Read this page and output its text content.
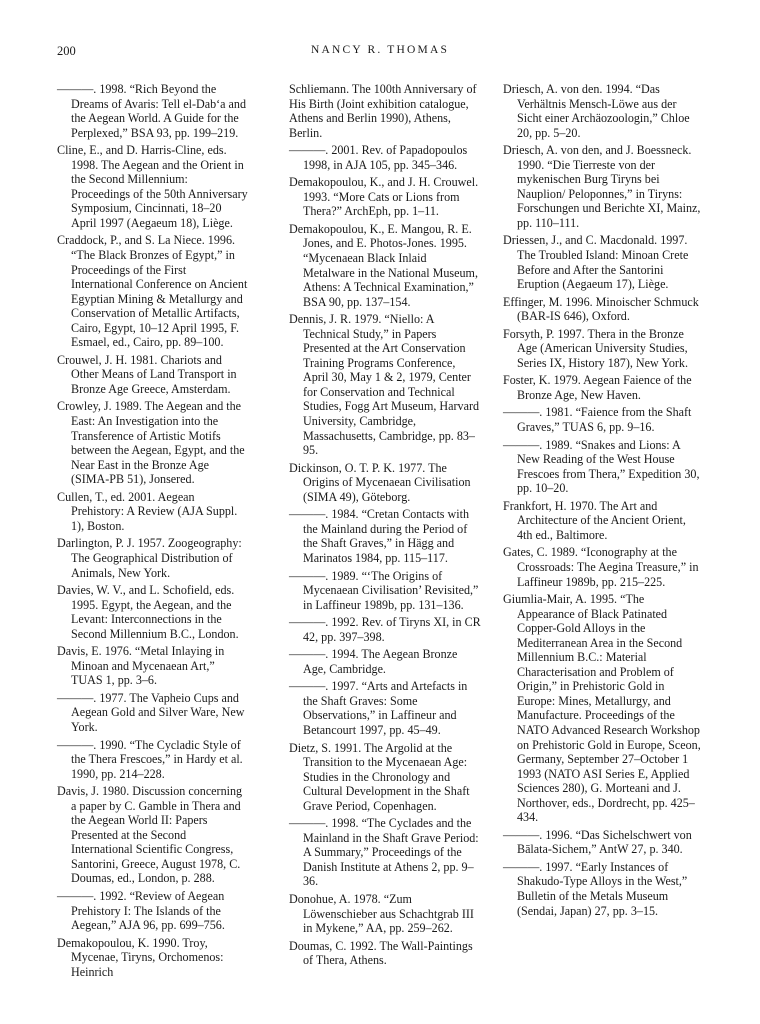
200	NANCY R. THOMAS

———. 1998. “Rich Beyond the Dreams of Avaris: Tell el-Dab‘a and the Aegean World. A Guide for the Perplexed,” BSA 93, pp. 199–219.

Cline, E., and D. Harris-Cline, eds. 1998. The Aegean and the Orient in the Second Millennium: Proceedings of the 50th Anniversary Symposium, Cincinnati, 18–20 April 1997 (Aegaeum 18), Liège.

Craddock, P., and S. La Niece. 1996. “The Black Bronzes of Egypt,” in Proceedings of the First International Conference on Ancient Egyptian Mining & Metallurgy and Conservation of Metallic Artifacts, Cairo, Egypt, 10–12 April 1995, F. Esmael, ed., Cairo, pp. 89–100.

Crouwel, J. H. 1981. Chariots and Other Means of Land Transport in Bronze Age Greece, Amsterdam.

Crowley, J. 1989. The Aegean and the East: An Investigation into the Transference of Artistic Motifs between the Aegean, Egypt, and the Near East in the Bronze Age (SIMA-PB 51), Jonsered.

Cullen, T., ed. 2001. Aegean Prehistory: A Review (AJA Suppl. 1), Boston.

Darlington, P. J. 1957. Zoogeography: The Geographical Distribution of Animals, New York.

Davies, W. V., and L. Schofield, eds. 1995. Egypt, the Aegean, and the Levant: Interconnections in the Second Millennium B.C., London.

Davis, E. 1976. “Metal Inlaying in Minoan and Mycenaean Art,” TUAS 1, pp. 3–6.

———. 1977. The Vapheio Cups and Aegean Gold and Silver Ware, New York.

———. 1990. “The Cycladic Style of the Thera Frescoes,” in Hardy et al. 1990, pp. 214–228.

Davis, J. 1980. Discussion concerning a paper by C. Gamble in Thera and the Aegean World II: Papers Presented at the Second International Scientific Congress, Santorini, Greece, August 1978, C. Doumas, ed., London, p. 288.

———. 1992. “Review of Aegean Prehistory I: The Islands of the Aegean,” AJA 96, pp. 699–756.

Demakopoulou, K. 1990. Troy, Mycenae, Tiryns, Orchomenos: Heinrich

Schliemann. The 100th Anniversary of His Birth (Joint exhibition catalogue, Athens and Berlin 1990), Athens, Berlin.

———. 2001. Rev. of Papadopoulos 1998, in AJA 105, pp. 345–346.

Demakopoulou, K., and J. H. Crouwel. 1993. “More Cats or Lions from Thera?” ArchEph, pp. 1–11.

Demakopoulou, K., E. Mangou, R. E. Jones, and E. Photos-Jones. 1995. “Mycenaean Black Inlaid Metalware in the National Museum, Athens: A Technical Examination,” BSA 90, pp. 137–154.

Dennis, J. R. 1979. “Niello: A Technical Study,” in Papers Presented at the Art Conservation Training Programs Conference, April 30, May 1 & 2, 1979, Center for Conservation and Technical Studies, Fogg Art Museum, Harvard University, Cambridge, Massachusetts, Cambridge, pp. 83–95.

Dickinson, O. T. P. K. 1977. The Origins of Mycenaean Civilisation (SIMA 49), Göteborg.

———. 1984. “Cretan Contacts with the Mainland during the Period of the Shaft Graves,” in Hägg and Marinatos 1984, pp. 115–117.

———. 1989. “‘The Origins of Mycenaean Civilisation’ Revisited,” in Laffineur 1989b, pp. 131–136.

———. 1992. Rev. of Tiryns XI, in CR 42, pp. 397–398.

———. 1994. The Aegean Bronze Age, Cambridge.

———. 1997. “Arts and Artefacts in the Shaft Graves: Some Observations,” in Laffineur and Betancourt 1997, pp. 45–49.

Dietz, S. 1991. The Argolid at the Transition to the Mycenaean Age: Studies in the Chronology and Cultural Development in the Shaft Grave Period, Copenhagen.

———. 1998. “The Cyclades and the Mainland in the Shaft Grave Period: A Summary,” Proceedings of the Danish Institute at Athens 2, pp. 9–36.

Donohue, A. 1978. “Zum Löwenschieber aus Schachtgrab III in Mykene,” AA, pp. 259–262.

Doumas, C. 1992. The Wall-Paintings of Thera, Athens.

Driesch, A. von den. 1994. “Das Verhältnis Mensch-Löwe aus der Sicht einer Archäozoologin,” Chloe 20, pp. 5–20.

Driesch, A. von den, and J. Boessneck. 1990. “Die Tierreste von der mykenischen Burg Tiryns bei Nauplion/ Peloponnes,” in Tiryns: Forschungen und Berichte XI, Mainz, pp. 110–111.

Driessen, J., and C. Macdonald. 1997. The Troubled Island: Minoan Crete Before and After the Santorini Eruption (Aegaeum 17), Liège.

Effinger, M. 1996. Minoischer Schmuck (BAR-IS 646), Oxford.

Forsyth, P. 1997. Thera in the Bronze Age (American University Studies, Series IX, History 187), New York.

Foster, K. 1979. Aegean Faience of the Bronze Age, New Haven.

———. 1981. “Faience from the Shaft Graves,” TUAS 6, pp. 9–16.

———. 1989. “Snakes and Lions: A New Reading of the West House Frescoes from Thera,” Expedition 30, pp. 10–20.

Frankfort, H. 1970. The Art and Architecture of the Ancient Orient, 4th ed., Baltimore.

Gates, C. 1989. “Iconography at the Crossroads: The Aegina Treasure,” in Laffineur 1989b, pp. 215–225.

Giumlia-Mair, A. 1995. “The Appearance of Black Patinated Copper-Gold Alloys in the Mediterranean Area in the Second Millennium B.C.: Material Characterisation and Problem of Origin,” in Prehistoric Gold in Europe: Mines, Metallurgy, and Manufacture. Proceedings of the NATO Advanced Research Workshop on Prehistoric Gold in Europe, Sceon, Germany, September 27–October 1 1993 (NATO ASI Series E, Applied Sciences 280), G. Morteani and J. Northover, eds., Dordrecht, pp. 425–434.

———. 1996. “Das Sichelschwert von Bālata-Sichem,” AntW 27, p. 340.

———. 1997. “Early Instances of Shakudo-Type Alloys in the West,” Bulletin of the Metals Museum (Sendai, Japan) 27, pp. 3–15.
